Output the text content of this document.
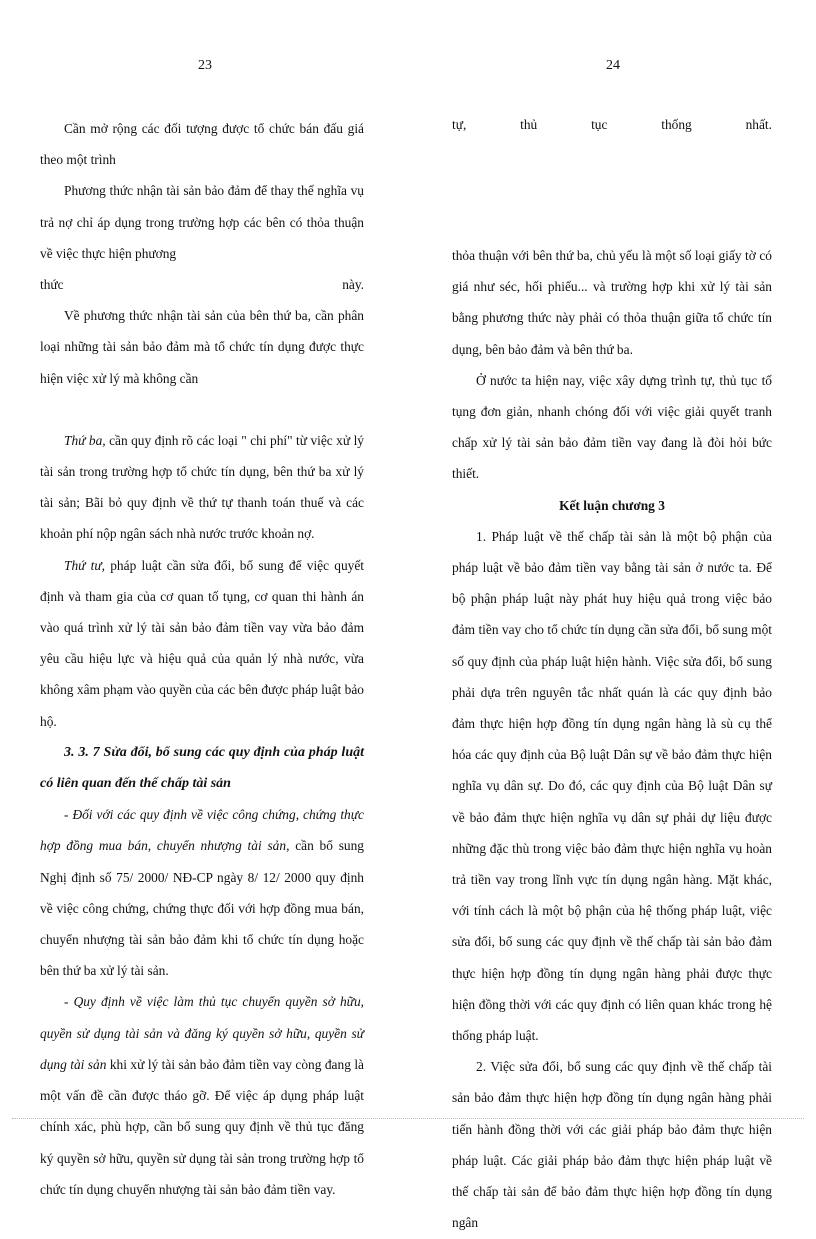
23	24

Cần mở rộng các đối tượng được tổ chức bán đấu giá theo một trình

Phương thức nhận tài sản bảo đảm để thay thế nghĩa vụ trả nợ chỉ áp dụng trong trường hợp các bên có thỏa thuận về việc thực hiện phương

thức	này.

Về phương thức nhận tài sản của bên thứ ba, cần phân loại những tài sản bảo đảm mà tổ chức tín dụng được thực hiện việc xử lý mà không cần

Thứ ba, cần quy định rõ các loại " chi phí" từ việc xử lý tài sản trong trường hợp tổ chức tín dụng, bên thứ ba xử lý tài sản; Bãi bỏ quy định về thứ tự thanh toán thuế và các khoản phí nộp ngân sách nhà nước trước khoản nợ.

Thứ tư, pháp luật cần sửa đổi, bổ sung để việc quyết định và tham gia của cơ quan tố tụng, cơ quan thi hành án vào quá trình xử lý tài sản bảo đảm tiền vay vừa bảo đảm yêu cầu hiệu lực và hiệu quả của quản lý nhà nước, vừa không xâm phạm vào quyền của các bên được pháp luật bảo hộ.

3. 3. 7 Sửa đổi, bổ sung các quy định của pháp luật có liên quan đến thế chấp tài sản

- Đối với các quy định về việc công chứng, chứng thực hợp đồng mua bán, chuyển nhượng tài sản, cần bổ sung Nghị định số 75/ 2000/ NĐ-CP ngày 8/ 12/ 2000 quy định về việc công chứng, chứng thực đối với hợp đồng mua bán, chuyển nhượng tài sản bảo đảm khi tổ chức tín dụng hoặc bên thứ ba xử lý tài sản.

- Quy định về việc làm thủ tục chuyển quyền sở hữu, quyền sử dụng tài sản và đăng ký quyền sở hữu, quyền sử dụng tài sản khi xử lý tài sản bảo đảm tiền vay còng đang là một vấn đề cần được tháo gỡ. Để việc áp dụng pháp luật chính xác, phù hợp, cần bổ sung quy định về thủ tục đăng ký quyền sở hữu, quyền sử dụng tài sản trong trường hợp tổ chức tín dụng chuyển nhượng tài sản bảo đảm tiền vay.

tự,	thủ	tục	thống	nhất.

thỏa thuận với bên thứ ba, chủ yếu là một số loại giấy tờ có giá như séc, hối phiếu... và trường hợp khi xử lý tài sản bằng phương thức này phải có thỏa thuận giữa tổ chức tín dụng, bên bảo đảm và bên thứ ba.

Ở nước ta hiện nay, việc xây dựng trình tự, thủ tục tố tụng đơn giản, nhanh chóng đối với việc giải quyết tranh chấp xử lý tài sản bảo đảm tiền vay đang là đòi hỏi bức thiết.

Kết luận chương 3

1. Pháp luật về thế chấp tài sản là một bộ phận của pháp luật về bảo đảm tiền vay bằng tài sản ở nước ta. Để bộ phận pháp luật này phát huy hiệu quả trong việc bảo đảm tiền vay cho tổ chức tín dụng cần sửa đổi, bổ sung một số quy định của pháp luật hiện hành. Việc sửa đổi, bổ sung phải dựa trên nguyên tắc nhất quán là các quy định bảo đảm thực hiện hợp đồng tín dụng ngân hàng là sù cụ thể hóa các quy định của Bộ luật Dân sự về bảo đảm thực hiện nghĩa vụ dân sự. Do đó, các quy định của Bộ luật Dân sự về bảo đảm thực hiện nghĩa vụ dân sự phải dự liệu được những đặc thù trong việc bảo đảm thực hiện nghĩa vụ hoàn trả tiền vay trong lĩnh vực tín dụng ngân hàng. Mặt khác, với tính cách là một bộ phận của hệ thống pháp luật, việc sửa đổi, bổ sung các quy định về thế chấp tài sản bảo đảm thực hiện hợp đồng tín dụng ngân hàng phải được thực hiện đồng thời với các quy định có liên quan khác trong hệ thống pháp luật.

2. Việc sửa đổi, bổ sung các quy định về thế chấp tài sản bảo đảm thực hiện hợp đồng tín dụng ngân hàng phải tiến hành đồng thời với các giải pháp bảo đảm thực hiện pháp luật. Các giải pháp bảo đảm thực hiện pháp luật về thế chấp tài sản để bảo đảm thực hiện hợp đồng tín dụng ngân
